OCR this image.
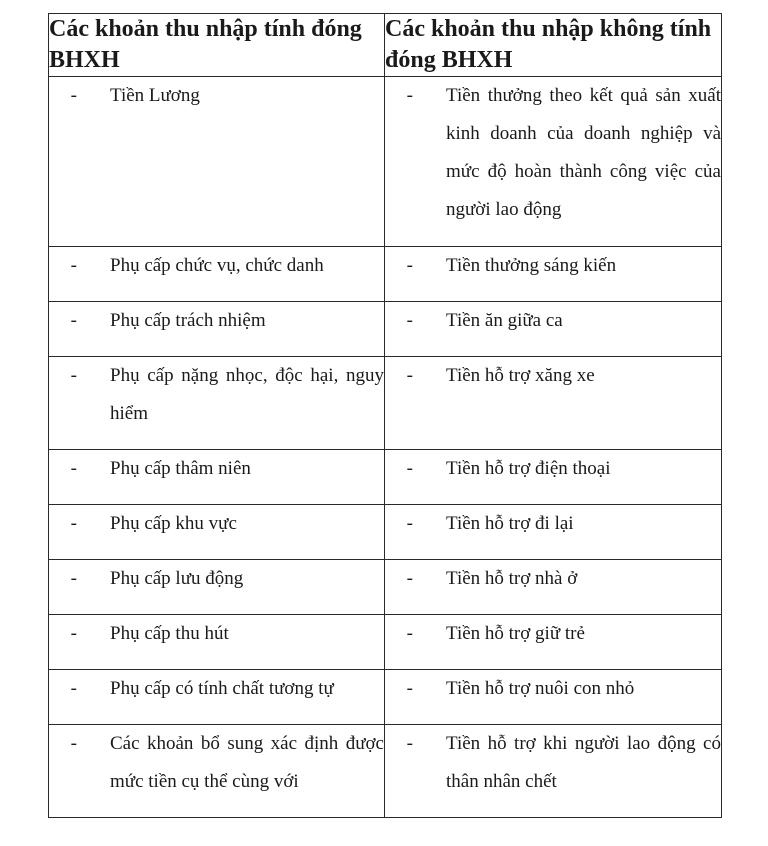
Các khoản thu nhập tính đóng BHXH	Các khoản thu nhập không tính đóng BHXH

- Tiền Lương	- Tiền thưởng theo kết quả sản xuất kinh doanh của doanh nghiệp và mức độ hoàn thành công việc của người lao động

- Phụ cấp chức vụ, chức danh	- Tiền thưởng sáng kiến

- Phụ cấp trách nhiệm	- Tiền ăn giữa ca

- Phụ cấp nặng nhọc, độc hại, nguy hiểm	- Tiền hỗ trợ xăng xe

- Phụ cấp thâm niên	- Tiền hỗ trợ điện thoại

- Phụ cấp khu vực	- Tiền hỗ trợ đi lại

- Phụ cấp lưu động	- Tiền hỗ trợ nhà ở

- Phụ cấp thu hút	- Tiền hỗ trợ giữ trẻ

- Phụ cấp có tính chất tương tự	- Tiền hỗ trợ nuôi con nhỏ

- Các khoản bổ sung xác định được mức tiền cụ thể cùng với	- Tiền hỗ trợ khi người lao động có thân nhân chết
